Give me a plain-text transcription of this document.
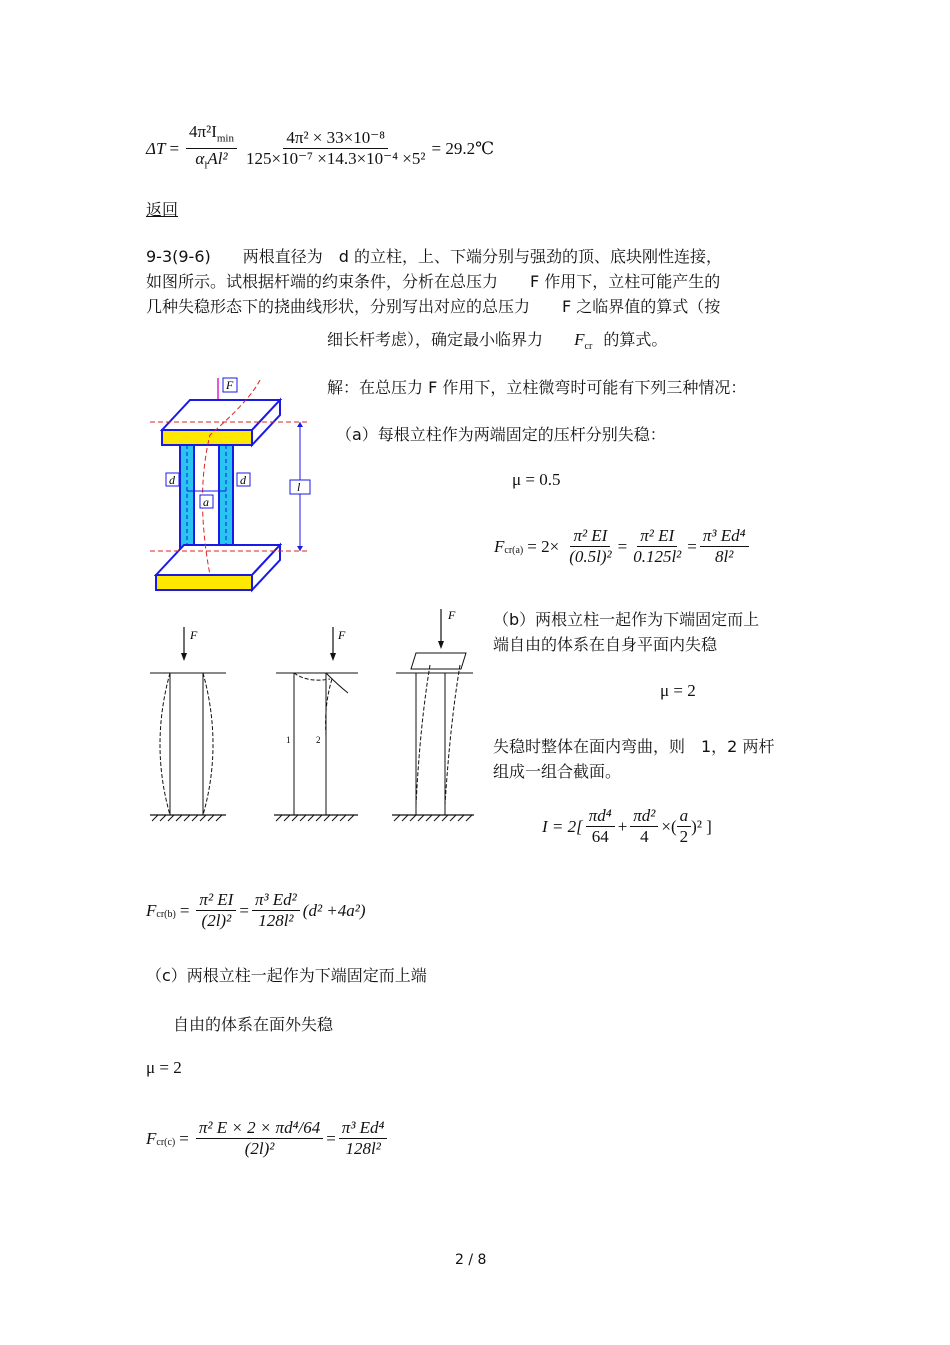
$\Delta T = \frac{4\pi^2I_{min}}{\alpha_lAl^2} \frac{\text{4π² × 33×10⁻⁸}}{\text{125×10⁻⁷ ×14.3×10⁻⁴ ×5²}}$ = 29.2℃
返回
9-3(9-6)　　两根直径为　d 的立柱，上、下端分别与强劲的顶、底块刚性连接，
如图所示。试根据杆端的约束条件，分析在总压力　　F 作用下，立柱可能产生的
几种失稳形态下的挠曲线形状，分别写出对应的总压力　　F 之临界值的算式（按
细长杆考虑），确定最小临界力 $F_{cr}$ 的算式。
F
l
d	d
a
解：在总压力 F 作用下，立柱微弯时可能有下列三种情况：
（a）每根立柱作为两端固定的压杆分别失稳：
μ = 0.5
$F_{cr(a)} = 2\times \frac{\text{π² EI}}{\text{(0.5l)²}} = \frac{\text{π² EI}}{\text{0.125l²}} = \frac{\text{π³ Ed⁴}}{\text{8l²}}$
F	F
1	2
F （b）两根立柱一起作为下端固定而上
端自由的体系在自身平面内失稳
μ = 2
失稳时整体在面内弯曲，则　1，2 两杆
组成一组合截面。
$I = 2[ \frac{\text{πd⁴}}{64} + \frac{\text{πd²}}{4}$ ×( $\frac{a}{2} )^2$ ]
$F_{cr(b)} = \frac{\text{π² EI}}{\text{(2l)²}} = \frac{\text{π³ Ed²}}{\text{128l²}} (d^2 +4a^2)$
（c）两根立柱一起作为下端固定而上端
自由的体系在面外失稳
μ = 2
$F_{cr(c)} = \frac{\text{π² E × 2 × πd⁴/64}}{\text{(2l)²}} = \frac{\text{π³ Ed⁴}}{\text{128l²}}$
2 / 8
